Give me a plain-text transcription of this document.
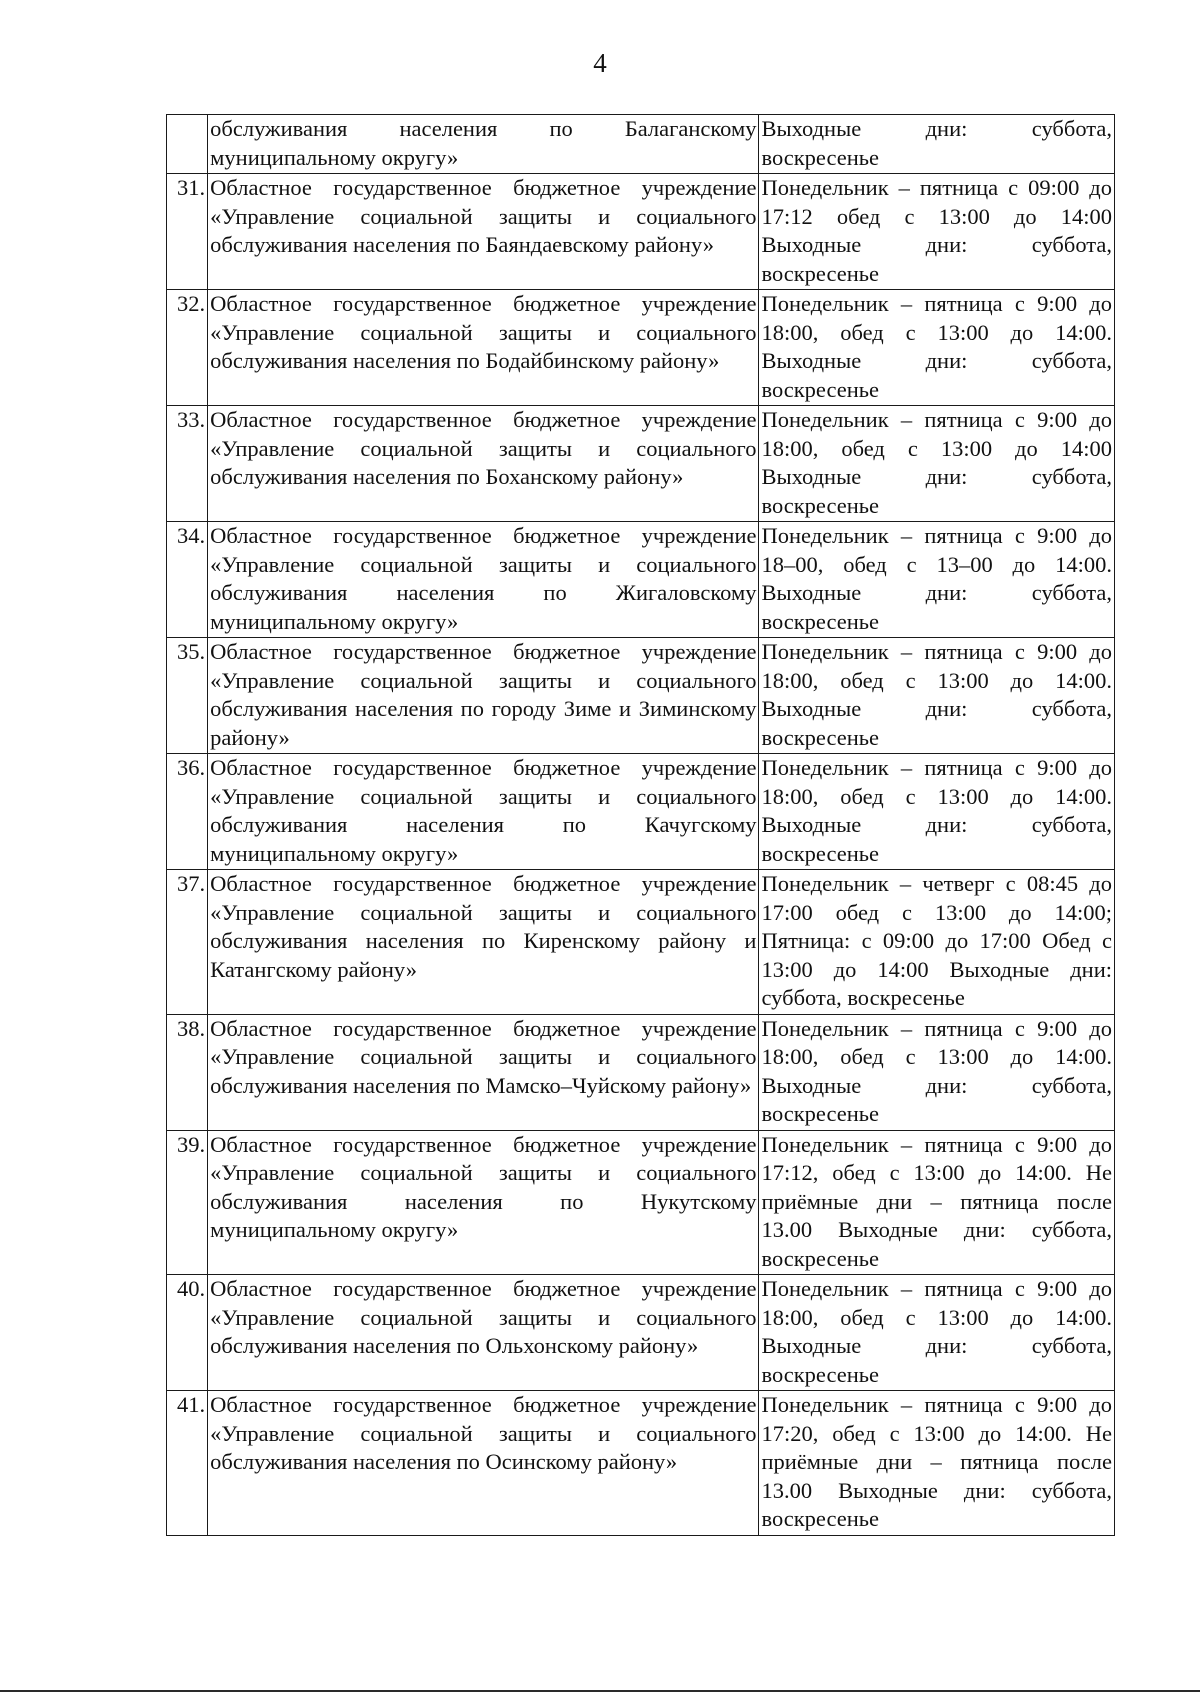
4
	обслуживания населения по Балаганскому муниципальному округу»	Выходные дни: суббота, воскресенье
31.	Областное государственное бюджетное учреждение «Управление социальной защиты и социального обслуживания населения по Баяндаевскому району»	Понедельник – пятница с 09:00 до 17:12 обед с 13:00 до 14:00 Выходные дни: суббота, воскресенье
32.	Областное государственное бюджетное учреждение «Управление социальной защиты и социального обслуживания населения по Бодайбинскому району»	Понедельник – пятница с 9:00 до 18:00, обед с 13:00 до 14:00. Выходные дни: суббота, воскресенье
33.	Областное государственное бюджетное учреждение «Управление социальной защиты и социального обслуживания населения по Боханскому району»	Понедельник – пятница с 9:00 до 18:00, обед с 13:00 до 14:00 Выходные дни: суббота, воскресенье
34.	Областное государственное бюджетное учреждение «Управление социальной защиты и социального обслуживания населения по Жигаловскому муниципальному округу»	Понедельник – пятница с 9:00 до 18–00, обед с 13–00 до 14:00. Выходные дни: суббота, воскресенье
35.	Областное государственное бюджетное учреждение «Управление социальной защиты и социального обслуживания населения по городу Зиме и Зиминскому району»	Понедельник – пятница с 9:00 до 18:00, обед с 13:00 до 14:00. Выходные дни: суббота, воскресенье
36.	Областное государственное бюджетное учреждение «Управление социальной защиты и социального обслуживания населения по Качугскому муниципальному округу»	Понедельник – пятница с 9:00 до 18:00, обед с 13:00 до 14:00. Выходные дни: суббота, воскресенье
37.	Областное государственное бюджетное учреждение «Управление социальной защиты и социального обслуживания населения по Киренскому району и Катангскому району»	Понедельник – четверг с 08:45 до 17:00 обед с 13:00 до 14:00; Пятница: с 09:00 до 17:00 Обед с 13:00 до 14:00 Выходные дни: суббота, воскресенье
38.	Областное государственное бюджетное учреждение «Управление социальной защиты и социального обслуживания населения по Мамско–Чуйскому району»	Понедельник – пятница с 9:00 до 18:00, обед с 13:00 до 14:00. Выходные дни: суббота, воскресенье
39.	Областное государственное бюджетное учреждение «Управление социальной защиты и социального обслуживания населения по Нукутскому муниципальному округу»	Понедельник – пятница с 9:00 до 17:12, обед с 13:00 до 14:00. Не приёмные дни – пятница после 13.00 Выходные дни: суббота, воскресенье
40.	Областное государственное бюджетное учреждение «Управление социальной защиты и социального обслуживания населения по Ольхонскому району»	Понедельник – пятница с 9:00 до 18:00, обед с 13:00 до 14:00. Выходные дни: суббота, воскресенье
41.	Областное государственное бюджетное учреждение «Управление социальной защиты и социального обслуживания населения по Осинскому району»	Понедельник – пятница с 9:00 до 17:20, обед с 13:00 до 14:00. Не приёмные дни – пятница после 13.00 Выходные дни: суббота, воскресенье
